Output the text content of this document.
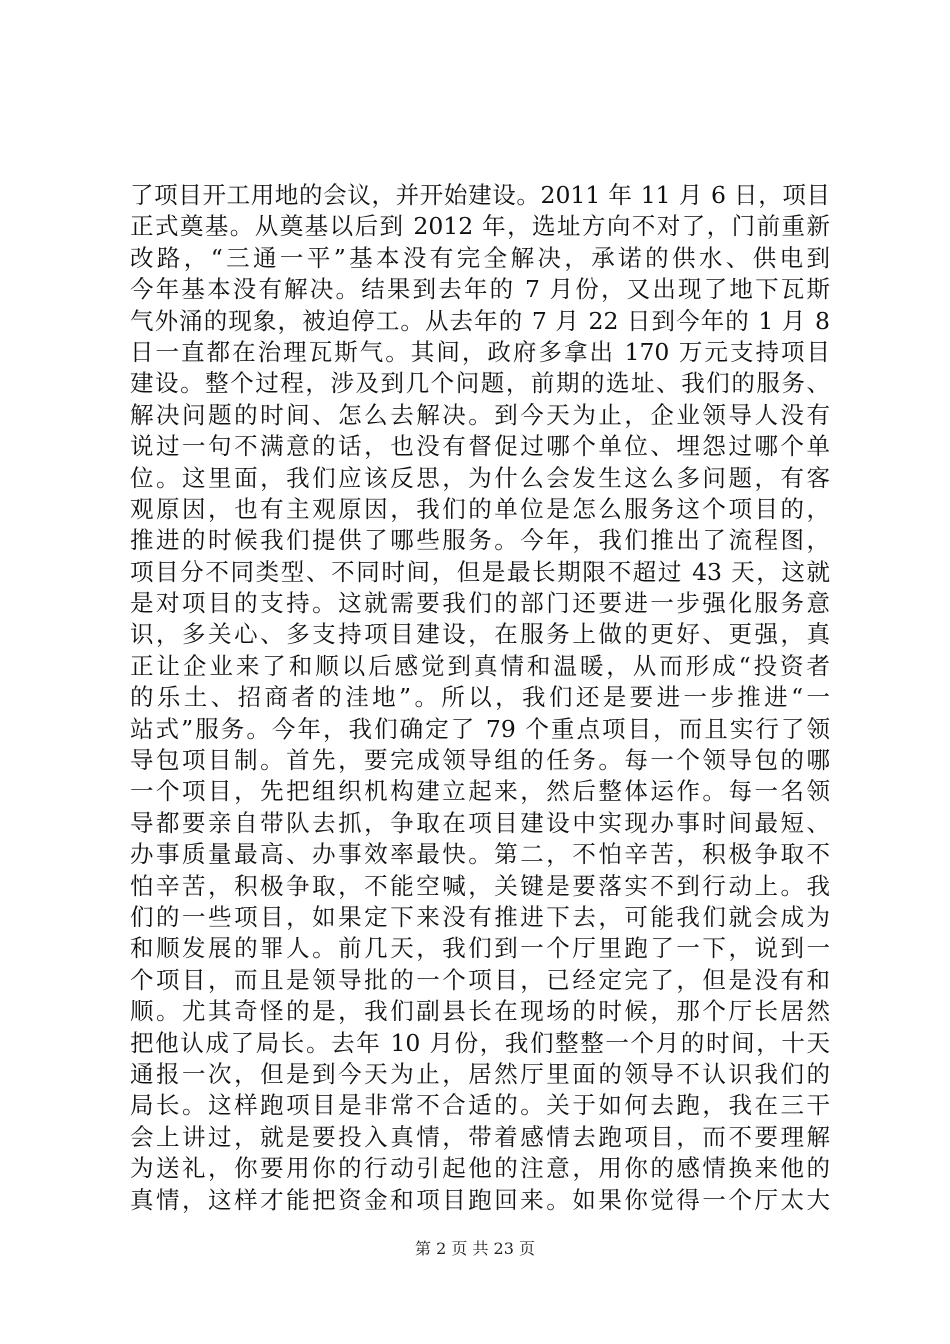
了项目开工用地的会议，并开始建设。2011 年 11 月 6 日，项目
正式奠基。从奠基以后到 2012 年，选址方向不对了，门前重新
改路，“三通一平”基本没有完全解决，承诺的供水、供电到
今年基本没有解决。结果到去年的 7 月份，又出现了地下瓦斯
气外涌的现象，被迫停工。从去年的 7 月 22 日到今年的 1 月 8
日一直都在治理瓦斯气。其间，政府多拿出 170 万元支持项目
建设。整个过程，涉及到几个问题，前期的选址、我们的服务、
解决问题的时间、怎么去解决。到今天为止，企业领导人没有
说过一句不满意的话，也没有督促过哪个单位、埋怨过哪个单
位。这里面，我们应该反思，为什么会发生这么多问题，有客
观原因，也有主观原因，我们的单位是怎么服务这个项目的，
推进的时候我们提供了哪些服务。今年，我们推出了流程图，
项目分不同类型、不同时间，但是最长期限不超过 43 天，这就
是对项目的支持。这就需要我们的部门还要进一步强化服务意
识，多关心、多支持项目建设，在服务上做的更好、更强，真
正让企业来了和顺以后感觉到真情和温暖，从而形成“投资者
的乐土、招商者的洼地”。所以，我们还是要进一步推进“一
站式”服务。今年，我们确定了 79 个重点项目，而且实行了领
导包项目制。首先，要完成领导组的任务。每一个领导包的哪
一个项目，先把组织机构建立起来，然后整体运作。每一名领
导都要亲自带队去抓，争取在项目建设中实现办事时间最短、
办事质量最高、办事效率最快。第二，不怕辛苦，积极争取不
怕辛苦，积极争取，不能空喊，关键是要落实不到行动上。我
们的一些项目，如果定下来没有推进下去，可能我们就会成为
和顺发展的罪人。前几天，我们到一个厅里跑了一下，说到一
个项目，而且是领导批的一个项目，已经定完了，但是没有和
顺。尤其奇怪的是，我们副县长在现场的时候，那个厅长居然
把他认成了局长。去年 10 月份，我们整整一个月的时间，十天
通报一次，但是到今天为止，居然厅里面的领导不认识我们的
局长。这样跑项目是非常不合适的。关于如何去跑，我在三干
会上讲过，就是要投入真情，带着感情去跑项目，而不要理解
为送礼，你要用你的行动引起他的注意，用你的感情换来他的
真情，这样才能把资金和项目跑回来。如果你觉得一个厅太大
第 2 页 共 23 页
